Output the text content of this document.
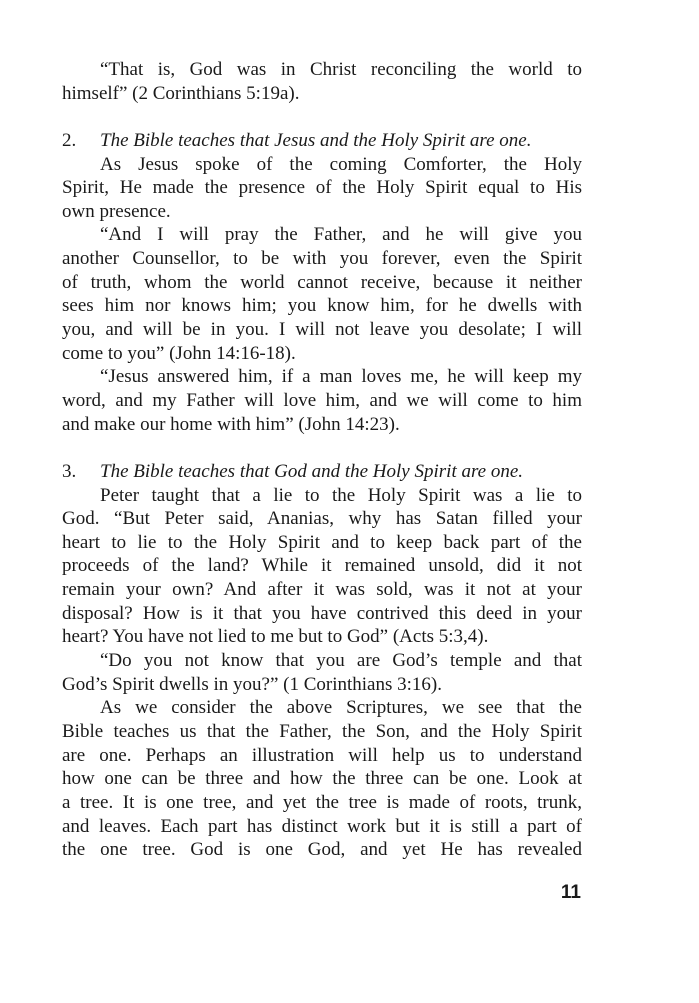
“That is, God was in Christ reconciling the world to
himself” (2 Corinthians 5:19a).
2. The Bible teaches that Jesus and the Holy Spirit are one.
As Jesus spoke of the coming Comforter, the Holy
Spirit, He made the presence of the Holy Spirit equal to His
own presence.
“And I will pray the Father, and he will give you
another Counsellor, to be with you forever, even the Spirit
of truth, whom the world cannot receive, because it neither
sees him nor knows him; you know him, for he dwells with
you, and will be in you. I will not leave you desolate; I will
come to you” (John 14:16-18).
“Jesus answered him, if a man loves me, he will keep my
word, and my Father will love him, and we will come to him
and make our home with him” (John 14:23).
3. The Bible teaches that God and the Holy Spirit are one.
Peter taught that a lie to the Holy Spirit was a lie to
God. “But Peter said, Ananias, why has Satan filled your
heart to lie to the Holy Spirit and to keep back part of the
proceeds of the land? While it remained unsold, did it not
remain your own? And after it was sold, was it not at your
disposal? How is it that you have contrived this deed in your
heart? You have not lied to me but to God” (Acts 5:3,4).
“Do you not know that you are God’s temple and that
God’s Spirit dwells in you?” (1 Corinthians 3:16).
As we consider the above Scriptures, we see that the
Bible teaches us that the Father, the Son, and the Holy Spirit
are one. Perhaps an illustration will help us to understand
how one can be three and how the three can be one. Look at
a tree. It is one tree, and yet the tree is made of roots, trunk,
and leaves. Each part has distinct work but it is still a part of
the one tree. God is one God, and yet He has revealed
11
